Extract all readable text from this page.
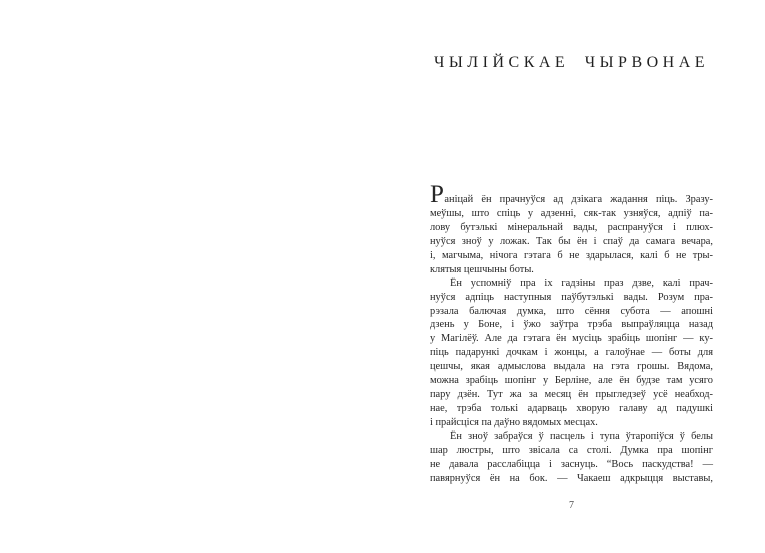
ЧЫЛІЙСКАЕ ЧЫРВОНАЕ
Раніцай ён прачнуўся ад дзікага жадання піць. Зразу-
меўшы, што спіць у адзенні, сяк-так узняўся, адпіў па-
лову бутэлькі мінеральнай вады, распрануўся і плюх-
нуўся зноў у ложак. Так бы ён і спаў да самага вечара,
і, магчыма, нічога гэтага б не здарылася, калі б не тры-
клятыя цешчыны боты.
Ён успомніў пра іх гадзіны праз дзве, калі прач-
нуўся адпіць наступныя паўбутэлькі вады. Розум пра-
рэзала балючая думка, што сёння субота — апошні
дзень у Боне, і ўжо заўтра трэба выпраўляцца назад
у Магілёў. Але да гэтага ён мусіць зрабіць шопінг — ку-
піць падарункі дочкам і жонцы, а галоўнае — боты для
цешчы, якая адмыслова выдала на гэта грошы. Вядома,
можна зрабіць шопінг у Берліне, але ён будзе там усяго
пару дзён. Тут жа за месяц ён прыгледзеў усё неабход-
нае, трэба толькі адарваць хворую галаву ад падушкі
і прайсціся па даўно вядомых месцах.
Ён зноў забраўся ў пасцель і тупа ўтаропіўся ў белы
шар люстры, што звісала са столі. Думка пра шопінг
не давала расслабіцца і заснуць. “Вось паскудства! —
павярнуўся ён на бок. — Чакаеш адкрыцця выставы,
7
